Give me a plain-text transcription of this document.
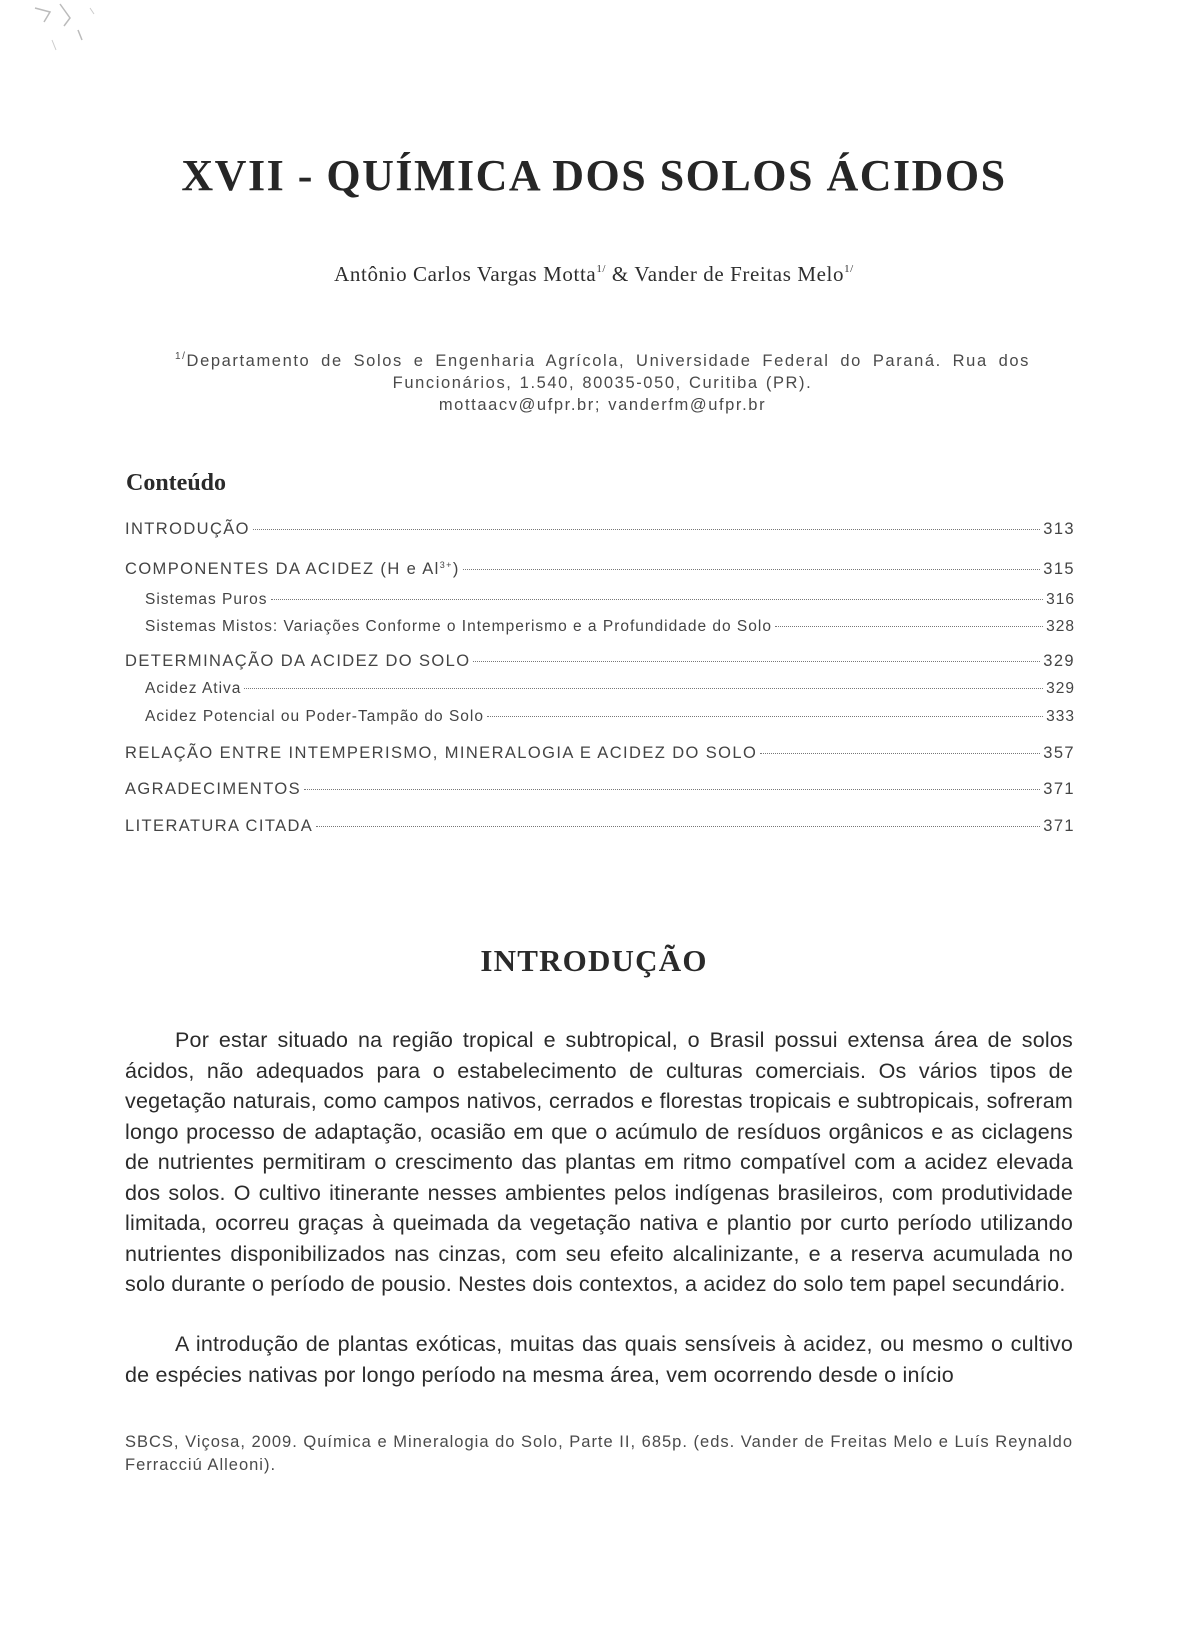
XVII - QUÍMICA DOS SOLOS ÁCIDOS
Antônio Carlos Vargas Motta$^{1/}$ & Vander de Freitas Melo$^{1/}$
$^{1/}$Departamento de Solos e Engenharia Agrícola, Universidade Federal do Paraná. Rua dos
Funcionários, 1.540, 80035-050, Curitiba (PR).
mottaacv@ufpr.br; vanderfm@ufpr.br
Conteúdo
INTRODUÇÃO	313
COMPONENTES DA ACIDEZ (H e $Al^{3+}$)	315
Sistemas Puros	316
Sistemas Mistos: Variações Conforme o Intemperismo e a Profundidade do Solo	328
DETERMINAÇÃO DA ACIDEZ DO SOLO	329
Acidez Ativa	329
Acidez Potencial ou Poder-Tampão do Solo	333
RELAÇÃO ENTRE INTEMPERISMO, MINERALOGIA E ACIDEZ DO SOLO	357
AGRADECIMENTOS	371
LITERATURA CITADA	371
INTRODUÇÃO

Por estar situado na região tropical e subtropical, o Brasil possui extensa área de solos ácidos, não adequados para o estabelecimento de culturas comerciais. Os vários tipos de vegetação naturais, como campos nativos, cerrados e florestas tropicais e subtropicais, sofreram longo processo de adaptação, ocasião em que o acúmulo de resíduos orgânicos e as ciclagens de nutrientes permitiram o crescimento das plantas em ritmo compatível com a acidez elevada dos solos. O cultivo itinerante nesses ambientes pelos indígenas brasileiros, com produtividade limitada, ocorreu graças à queimada da vegetação nativa e plantio por curto período utilizando nutrientes disponibilizados nas cinzas, com seu efeito alcalinizante, e a reserva acumulada no solo durante o período de pousio. Nestes dois contextos, a acidez do solo tem papel secundário.

A introdução de plantas exóticas, muitas das quais sensíveis à acidez, ou mesmo o cultivo de espécies nativas por longo período na mesma área, vem ocorrendo desde o início

SBCS, Viçosa, 2009. Química e Mineralogia do Solo, Parte II, 685p. (eds. Vander de Freitas Melo e Luís Reynaldo Ferracciú Alleoni).
